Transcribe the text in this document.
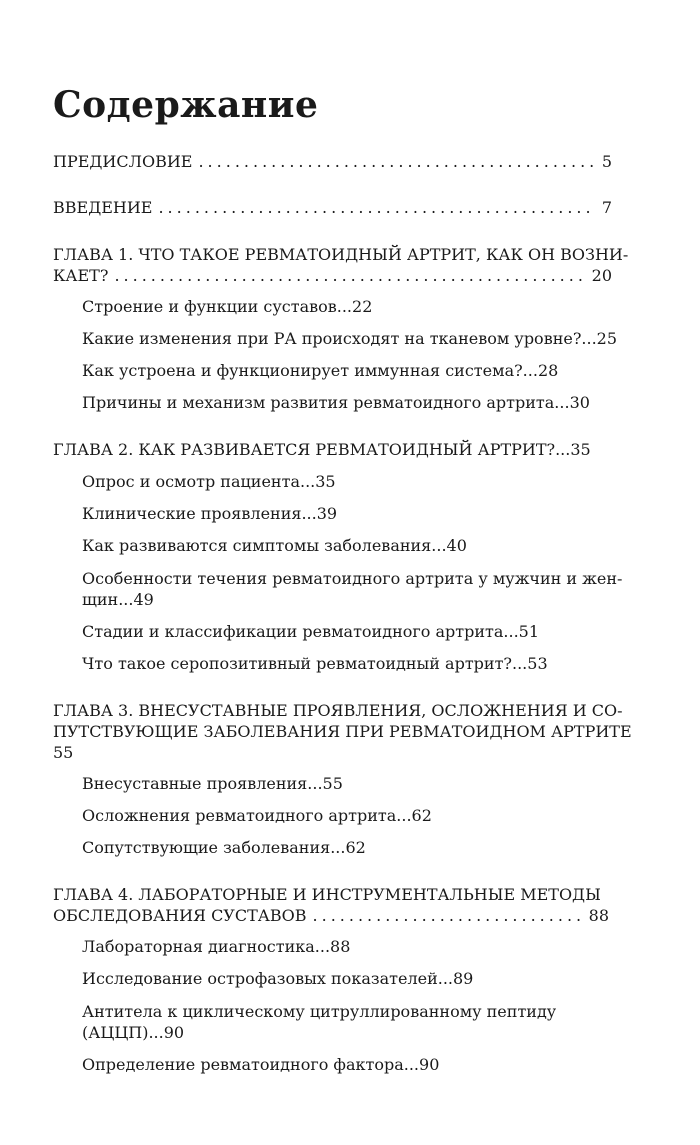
Содержание
ПРЕДИСЛОВИЕ .....	5
ВВЕДЕНИЕ .....	7
ГЛАВА 1. ЧТО ТАКОЕ РЕВМАТОИДНЫЙ АРТРИТ, КАК ОН ВОЗНИ-
КАЕТ? .....	20
Строение и функции суставов...22
Какие изменения при РА происходят на тканевом уровне?...25
Как устроена и функционирует иммунная система?...28
Причины и механизм развития ревматоидного артрита...30
ГЛАВА 2. КАК РАЗВИВАЕТСЯ РЕВМАТОИДНЫЙ АРТРИТ?...35
Опрос и осмотр пациента...35
Клинические проявления...39
Как развиваются симптомы заболевания...40
Особенности течения ревматоидного артрита у мужчин и жен-
щин...49
Стадии и классификации ревматоидного артрита...51
Что такое серопозитивный ревматоидный артрит?...53
ГЛАВА 3. ВНЕСУСТАВНЫЕ ПРОЯВЛЕНИЯ, ОСЛОЖНЕНИЯ И СО-
ПУТСТВУЮЩИЕ ЗАБОЛЕВАНИЯ ПРИ РЕВМАТОИДНОМ АРТРИТЕ
55
Внесуставные проявления...55
Осложнения ревматоидного артрита...62
Сопутствующие заболевания...62
ГЛАВА 4. ЛАБОРАТОРНЫЕ И ИНСТРУМЕНТАЛЬНЫЕ МЕТОДЫ
ОБСЛЕДОВАНИЯ СУСТАВОВ .....	88
Лабораторная диагностика...88
Исследование острофазовых показателей...89
Антитела к циклическому цитруллированному пептиду
(АЦЦП)...90
Определение ревматоидного фактора...90
